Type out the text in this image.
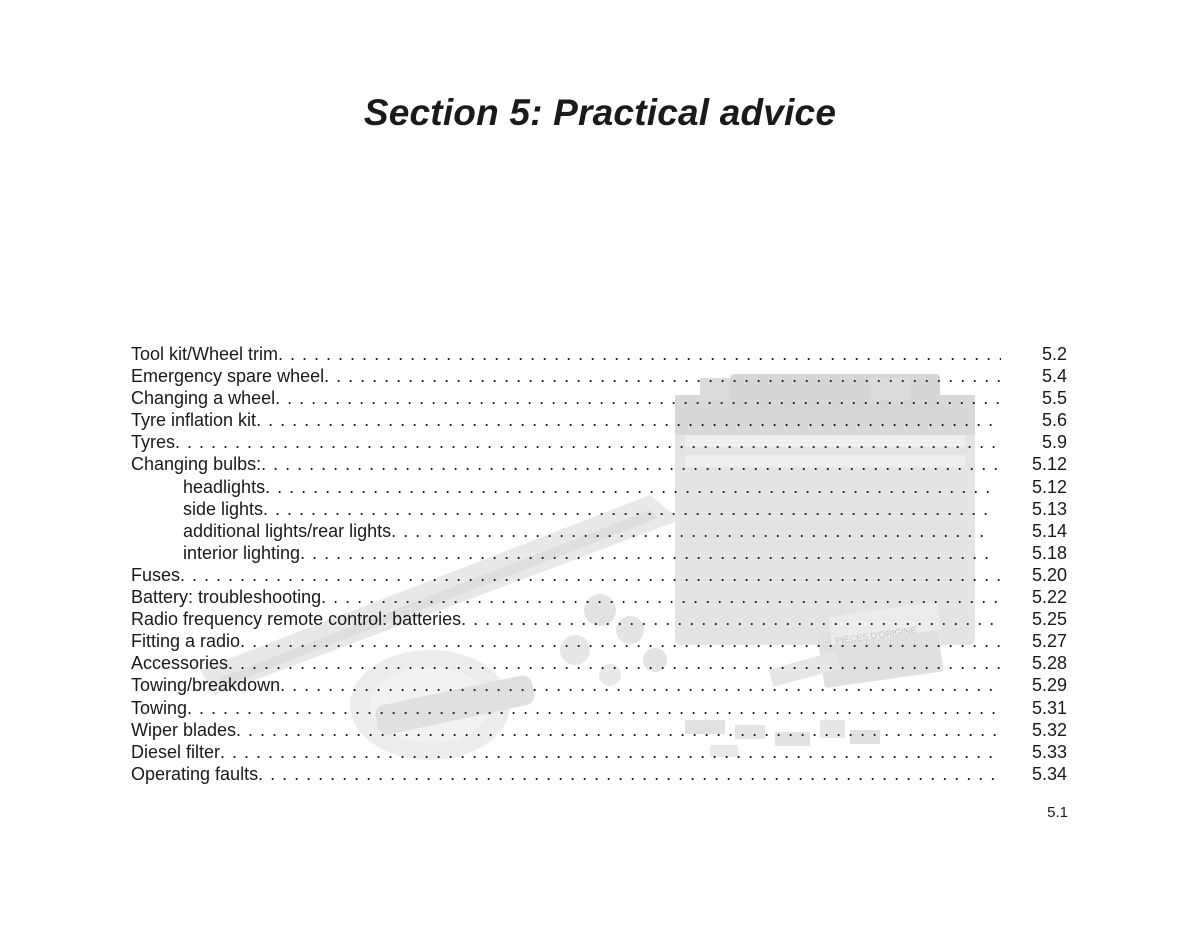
Section 5: Practical advice
PIÈCES D'ORIGINE
Tool kit/Wheel trim . . .	5.2
Emergency spare wheel . . .	5.4
Changing a wheel . . .	5.5
Tyre inflation kit . . .	5.6
Tyres . . .	5.9
Changing bulbs: . . .	5.12
headlights . . .	5.12
side lights . . .	5.13
additional lights/rear lights . . .	5.14
interior lighting . . .	5.18
Fuses . . .	5.20
Battery: troubleshooting . . .	5.22
Radio frequency remote control: batteries . . .	5.25
Fitting a radio . . .	5.27
Accessories . . .	5.28
Towing/breakdown . . .	5.29
Towing . . .	5.31
Wiper blades . . .	5.32
Diesel filter . . .	5.33
Operating faults . . .	5.34
5.1
